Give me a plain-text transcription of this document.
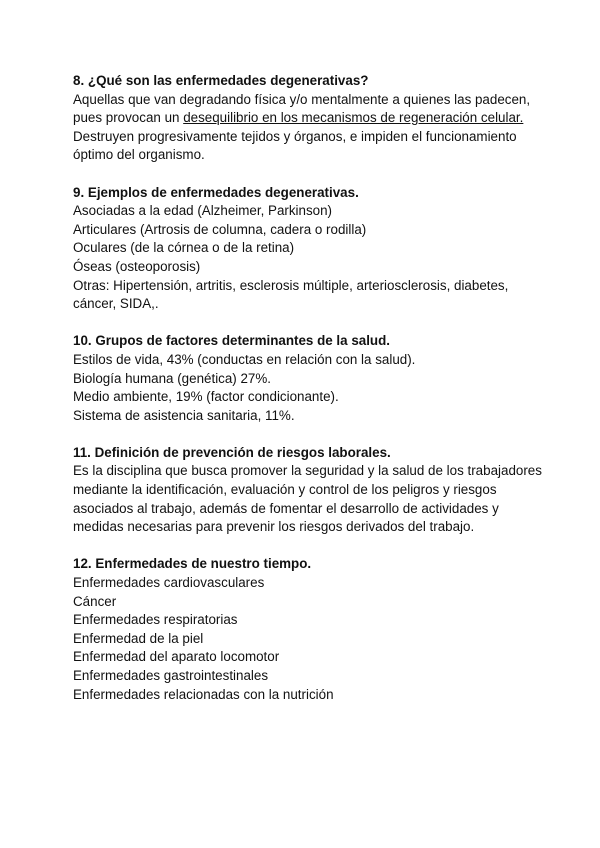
8. ¿Qué son las enfermedades degenerativas?
Aquellas que van degradando física y/o mentalmente a quienes las padecen, pues provocan un desequilibrio en los mecanismos de regeneración celular.
Destruyen progresivamente tejidos y órganos, e impiden el funcionamiento óptimo del organismo.
9. Ejemplos de enfermedades degenerativas.
Asociadas a la edad (Alzheimer, Parkinson)
Articulares (Artrosis de columna, cadera o rodilla)
Oculares (de la córnea o de la retina)
Óseas (osteoporosis)
Otras: Hipertensión, artritis, esclerosis múltiple, arteriosclerosis, diabetes, cáncer, SIDA,.
10. Grupos de factores determinantes de la salud.
Estilos de vida, 43% (conductas en relación con la salud).
Biología humana (genética) 27%.
Medio ambiente, 19% (factor condicionante).
Sistema de asistencia sanitaria, 11%.
11. Definición de prevención de riesgos laborales.
Es la disciplina que busca promover la seguridad y la salud de los trabajadores mediante la identificación, evaluación y control de los peligros y riesgos asociados al trabajo, además de fomentar el desarrollo de actividades y medidas necesarias para prevenir los riesgos derivados del trabajo.
12. Enfermedades de nuestro tiempo.
Enfermedades cardiovasculares
Cáncer
Enfermedades respiratorias
Enfermedad de la piel
Enfermedad del aparato locomotor
Enfermedades gastrointestinales
Enfermedades relacionadas con la nutrición
